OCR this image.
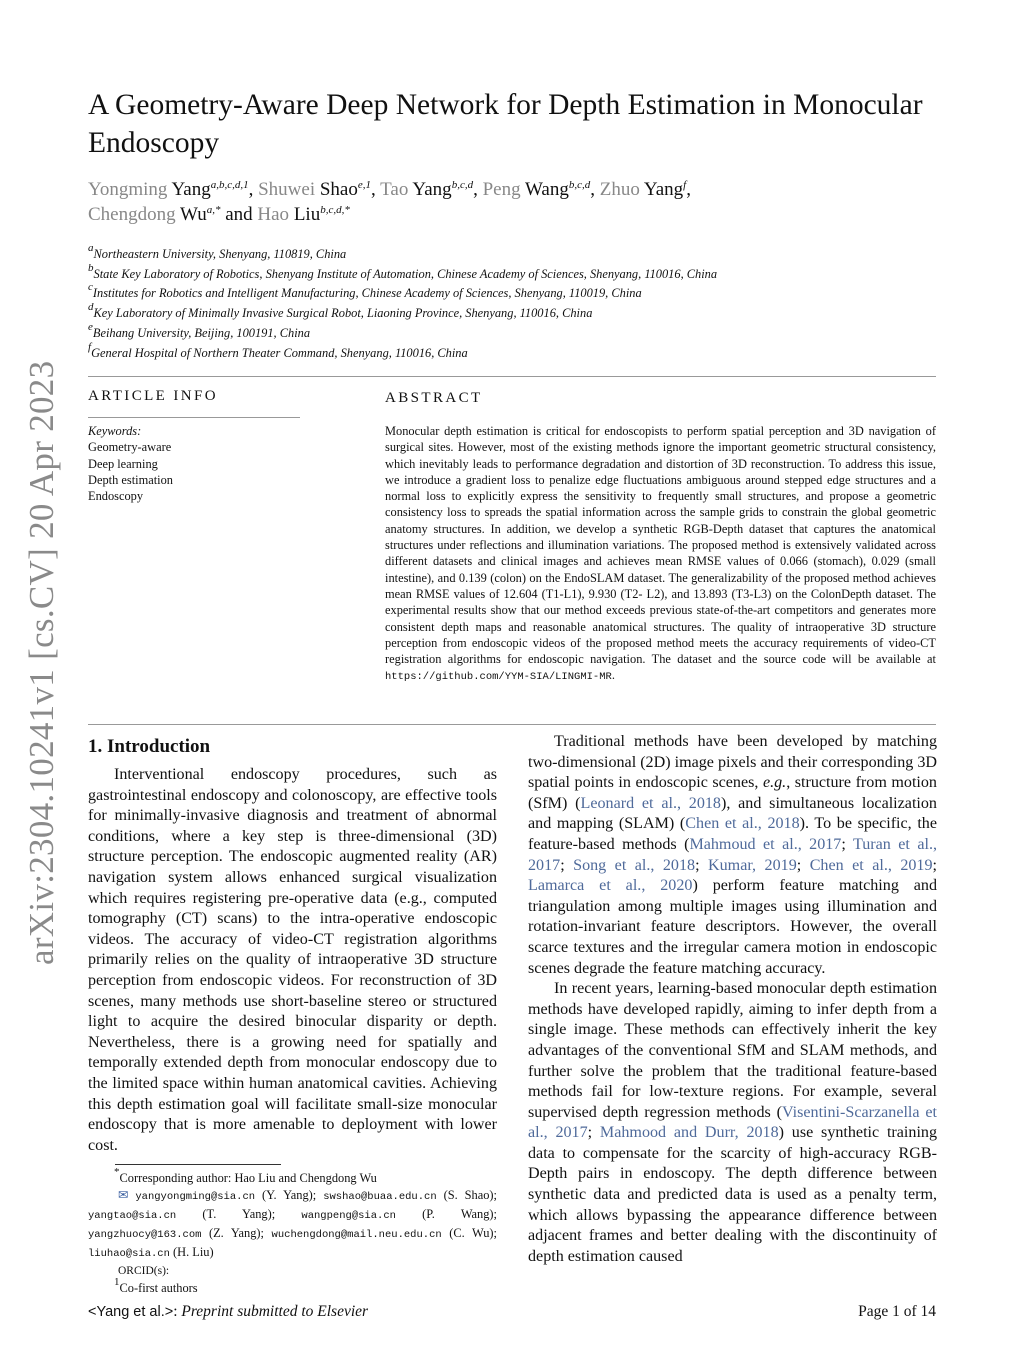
arXiv:2304.10241v1 [cs.CV] 20 Apr 2023
A Geometry-Aware Deep Network for Depth Estimation in Monocular Endoscopy
Yongming Yang$^{a,b,c,d,1}$, Shuwei Shao$^{e,1}$, Tao Yang$^{b,c,d}$, Peng Wang$^{b,c,d}$, Zhuo Yang$^f$,
Chengdong $Wu^{a,*}$ and Hao Liu$^{b,c,d,*}$
$^a$Northeastern University, Shenyang, 110819, China
$^b$State Key Laboratory of Robotics, Shenyang Institute of Automation, Chinese Academy of Sciences, Shenyang, 110016, China
$^c$Institutes for Robotics and Intelligent Manufacturing, Chinese Academy of Sciences, Shenyang, 110019, China
$^d$Key Laboratory of Minimally Invasive Surgical Robot, Liaoning Province, Shenyang, 110016, China
$^e$Beihang University, Beijing, 100191, China
$^f$General Hospital of Northern Theater Command, Shenyang, 110016, China
ARTICLE INFO
Keywords:
Geometry-aware
Deep learning
Depth estimation
Endoscopy
ABSTRACT
Monocular depth estimation is critical for endoscopists to perform spatial perception and 3D navigation of surgical sites. However, most of the existing methods ignore the important geometric structural consistency, which inevitably leads to performance degradation and distortion of 3D reconstruction. To address this issue, we introduce a gradient loss to penalize edge fluctuations ambiguous around stepped edge structures and a normal loss to explicitly express the sensitivity to frequently small structures, and propose a geometric consistency loss to spreads the spatial information across the sample grids to constrain the global geometric anatomy structures. In addition, we develop a synthetic RGB-Depth dataset that captures the anatomical structures under reflections and illumination variations. The proposed method is extensively validated across different datasets and clinical images and achieves mean RMSE values of 0.066 (stomach), 0.029 (small intestine), and 0.139 (colon) on the EndoSLAM dataset. The generalizability of the proposed method achieves mean RMSE values of 12.604 (T1-L1), 9.930 (T2- L2), and 13.893 (T3-L3) on the ColonDepth dataset. The experimental results show that our method exceeds previous state-of-the-art competitors and generates more consistent depth maps and reasonable anatomical structures. The quality of intraoperative 3D structure perception from endoscopic videos of the proposed method meets the accuracy requirements of video-CT registration algorithms for endoscopic navigation. The dataset and the source code will be available at https://github.com/YYM-SIA/LINGMI-MR.
1. Introduction
Interventional endoscopy procedures, such as gastrointestinal endoscopy and colonoscopy, are effective tools for minimally-invasive diagnosis and treatment of abnormal conditions, where a key step is three-dimensional (3D) structure perception. The endoscopic augmented reality (AR) navigation system allows enhanced surgical visualization which requires registering pre-operative data (e.g., computed tomography (CT) scans) to the intra-operative endoscopic videos. The accuracy of video-CT registration algorithms primarily relies on the quality of intraoperative 3D structure perception from endoscopic videos. For reconstruction of 3D scenes, many methods use short-baseline stereo or structured light to acquire the desired binocular disparity or depth. Nevertheless, there is a growing need for spatially and temporally extended depth from monocular endoscopy due to the limited space within human anatomical cavities. Achieving this depth estimation goal will facilitate small-size monocular endoscopy that is more amenable to deployment with lower cost.
Traditional methods have been developed by matching two-dimensional (2D) image pixels and their corresponding 3D spatial points in endoscopic scenes, e.g., structure from motion (SfM) (Leonard et al., 2018), and simultaneous localization and mapping (SLAM) (Chen et al., 2018). To be specific, the feature-based methods (Mahmoud et al., 2017; Turan et al., 2017; Song et al., 2018; Kumar, 2019; Chen et al., 2019; Lamarca et al., 2020) perform feature matching and triangulation among multiple images using illumination and rotation-invariant feature descriptors. However, the overall scarce textures and the irregular camera motion in endoscopic scenes degrade the feature matching accuracy.
In recent years, learning-based monocular depth estimation methods have developed rapidly, aiming to infer depth from a single image. These methods can effectively inherit the key advantages of the conventional SfM and SLAM methods, and further solve the problem that the traditional feature-based methods fail for low-texture regions. For example, several supervised depth regression methods (Visentini-Scarzanella et al., 2017; Mahmood and Durr, 2018) use synthetic training data to compensate for the scarcity of high-accuracy RGB-Depth pairs in endoscopy. The depth difference between synthetic data and predicted data is used as a penalty term, which allows bypassing the appearance difference between adjacent frames and better dealing with the discontinuity of depth estimation caused
*Corresponding author: Hao Liu and Chengdong Wu
✉ yangyongming@sia.cn (Y. Yang); swshao@buaa.edu.cn (S. Shao); yangtao@sia.cn (T. Yang); wangpeng@sia.cn (P. Wang); yangzhuocy@163.com (Z. Yang); wuchengdong@mail.neu.edu.cn (C. Wu); liuhao@sia.cn (H. Liu)
ORCID(s):
$^1$Co-first authors
<Yang et al.>: Preprint submitted to Elsevier	Page 1 of 14
